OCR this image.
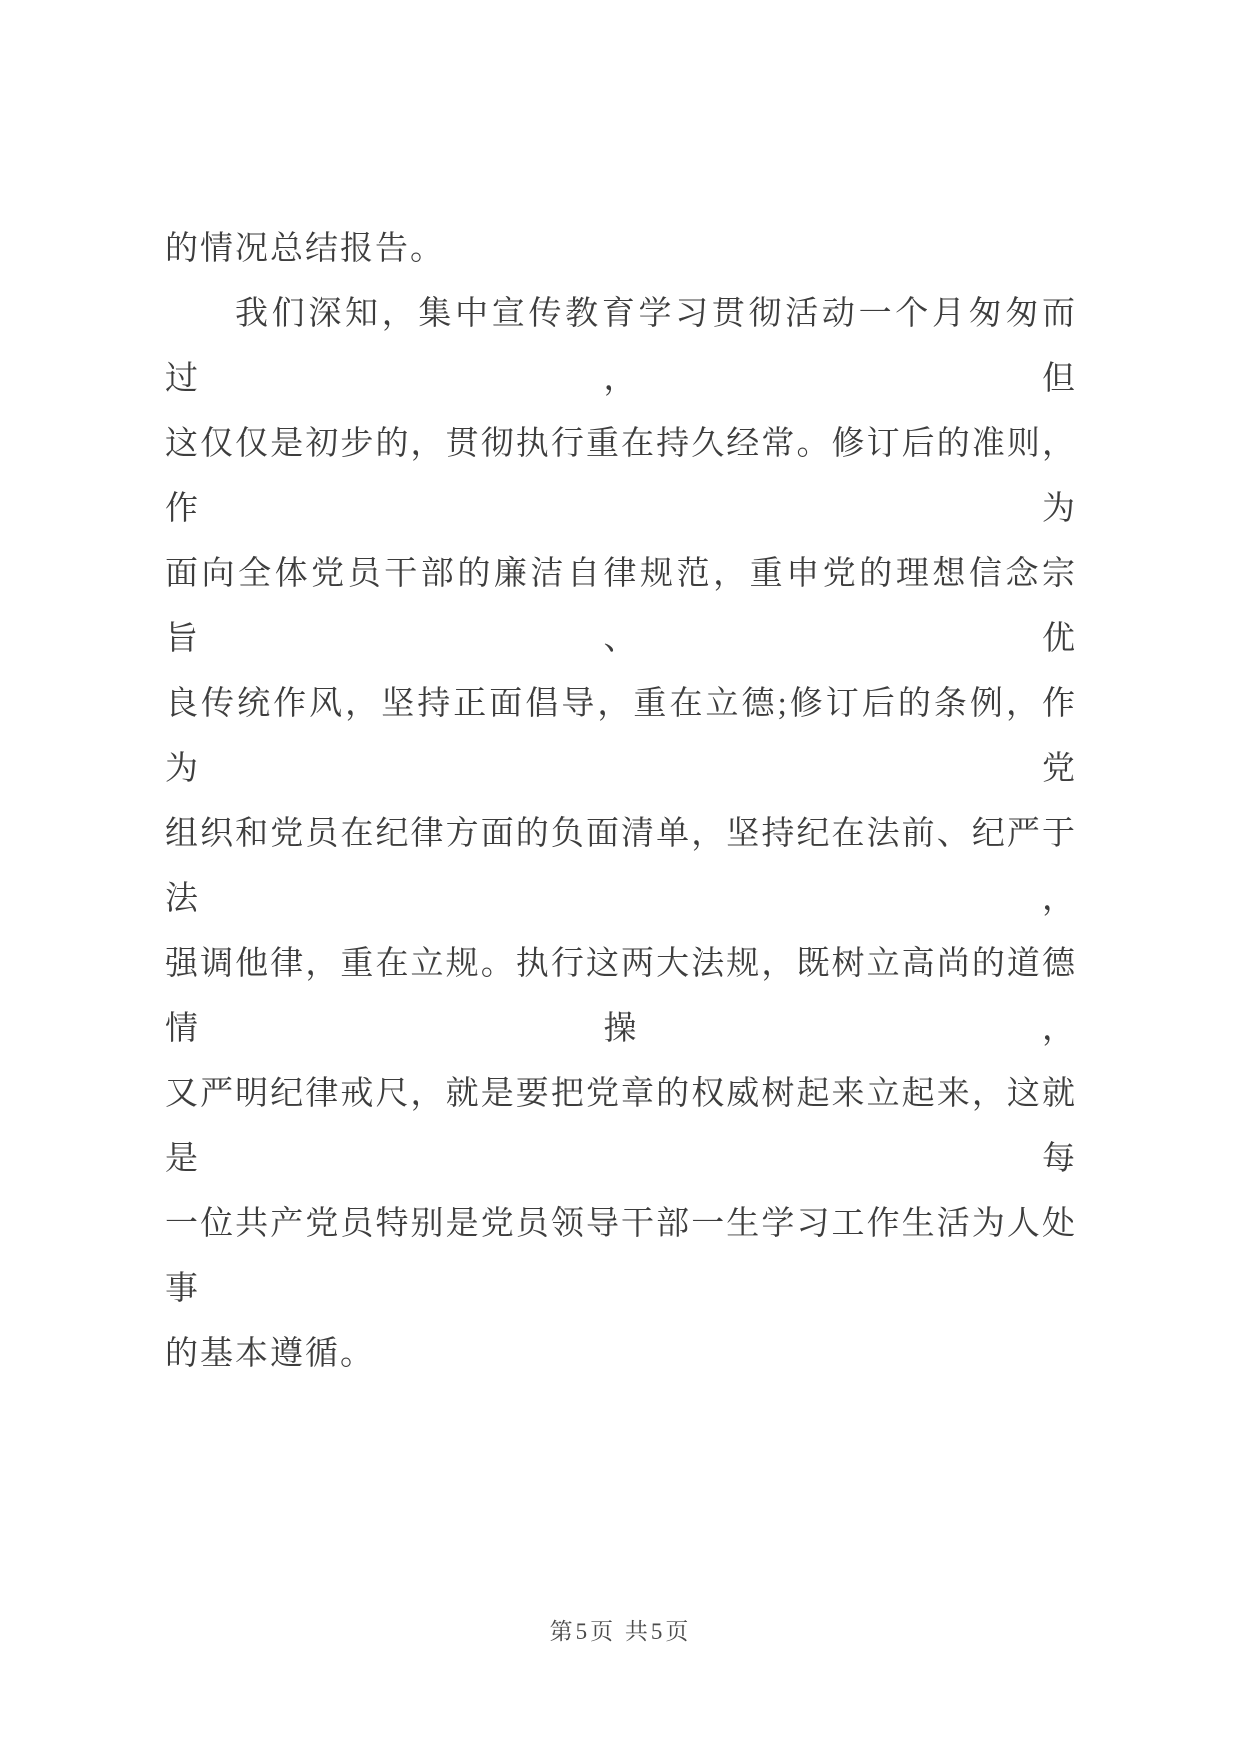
的情况总结报告。
我们深知，集中宣传教育学习贯彻活动一个月匆匆而过，但
这仅仅是初步的，贯彻执行重在持久经常。修订后的准则，作为
面向全体党员干部的廉洁自律规范，重申党的理想信念宗旨、优
良传统作风，坚持正面倡导，重在立德;修订后的条例，作为党
组织和党员在纪律方面的负面清单，坚持纪在法前、纪严于法，
强调他律，重在立规。执行这两大法规，既树立高尚的道德情操，
又严明纪律戒尺，就是要把党章的权威树起来立起来，这就是每
一位共产党员特别是党员领导干部一生学习工作生活为人处事
的基本遵循。
第5页 共5页
